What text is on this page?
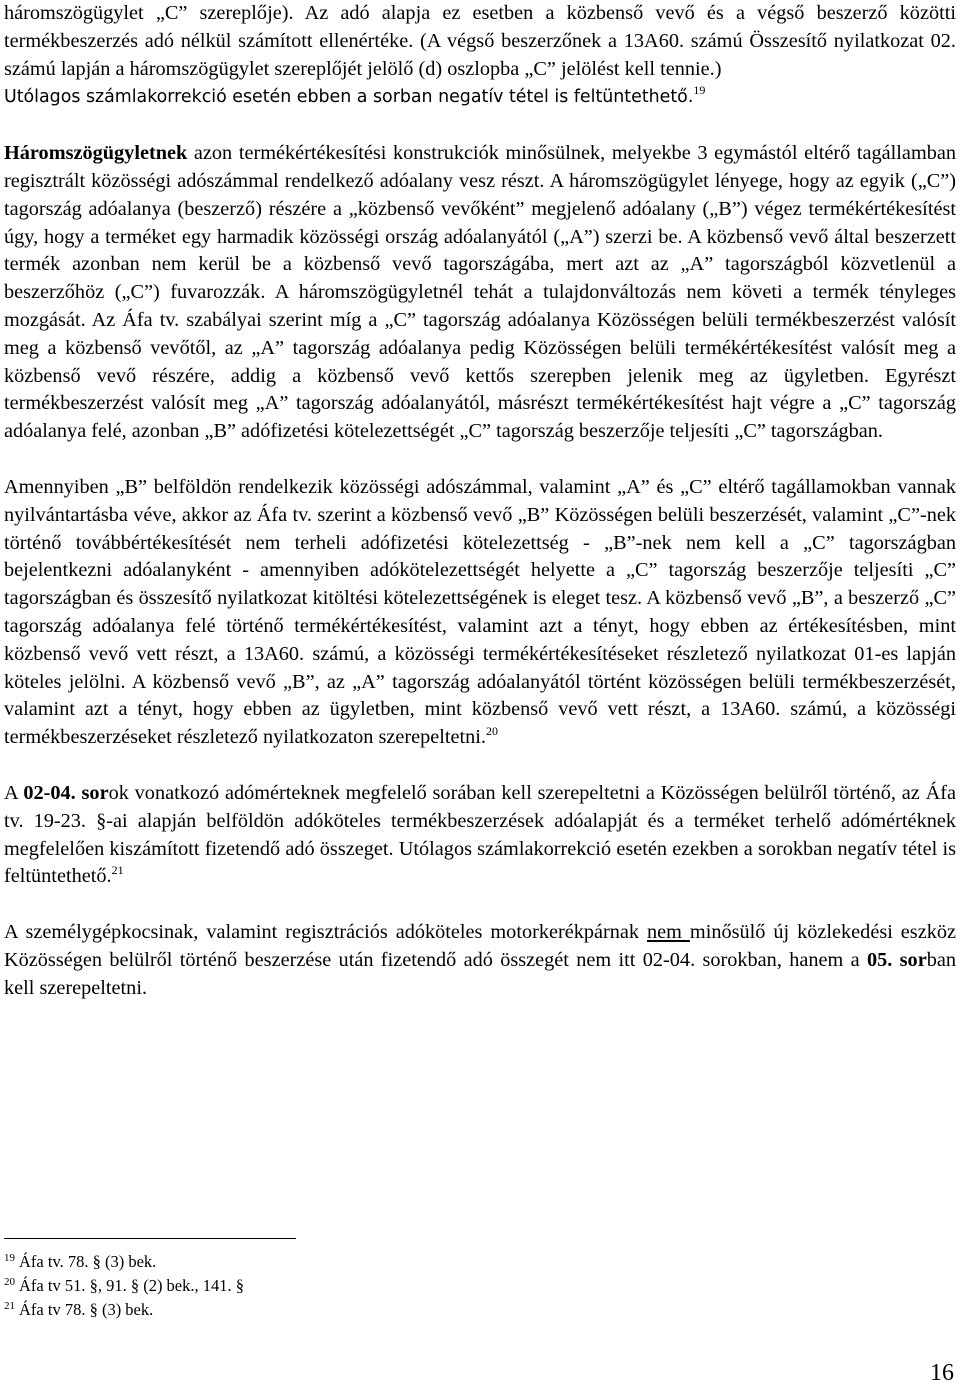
háromszögügylet „C” szereplője). Az adó alapja ez esetben a közbenső vevő és a végső beszerző közötti termékbeszerzés adó nélkül számított ellenértéke. (A végső beszerzőnek a 13A60. számú Összesítő nyilatkozat 02. számú lapján a háromszögügylet szereplőjét jelölő (d) oszlopba „C” jelölést kell tennie.)
Utólagos számlakorrekció esetén ebben a sorban negatív tétel is feltüntethető.$^{19}$

Háromszögügyletnek azon termékértékesítési konstrukciók minősülnek, melyekbe 3 egymástól eltérő tagállamban regisztrált közösségi adószámmal rendelkező adóalany vesz részt. A háromszögügylet lényege, hogy az egyik („C”) tagország adóalanya (beszerző) részére a „közbenső vevőként” megjelenő adóalany („B”) végez termékértékesítést úgy, hogy a terméket egy harmadik közösségi ország adóalanyától („A”) szerzi be. A közbenső vevő által beszerzett termék azonban nem kerül be a közbenső vevő tagországába, mert azt az „A” tagországból közvetlenül a beszerzőhöz („C”) fuvarozzák. A háromszögügyletnél tehát a tulajdonváltozás nem követi a termék tényleges mozgását. Az Áfa tv. szabályai szerint míg a „C” tagország adóalanya Közösségen belüli termékbeszerzést valósít meg a közbenső vevőtől, az „A” tagország adóalanya pedig Közösségen belüli termékértékesítést valósít meg a közbenső vevő részére, addig a közbenső vevő kettős szerepben jelenik meg az ügyletben. Egyrészt termékbeszerzést valósít meg „A” tagország adóalanyától, másrészt termékértékesítést hajt végre a „C” tagország adóalanya felé, azonban „B” adófizetési kötelezettségét „C” tagország beszerzője teljesíti „C” tagországban.

Amennyiben „B” belföldön rendelkezik közösségi adószámmal, valamint „A” és „C” eltérő tagállamokban vannak nyilvántartásba véve, akkor az Áfa tv. szerint a közbenső vevő „B” Közösségen belüli beszerzését, valamint „C”-nek történő továbbértékesítését nem terheli adófizetési kötelezettség - „B”-nek nem kell a „C” tagországban bejelentkezni adóalanyként - amennyiben adókötelezettségét helyette a „C” tagország beszerzője teljesíti „C” tagországban és összesítő nyilatkozat kitöltési kötelezettségének is eleget tesz. A közbenső vevő „B”, a beszerző „C” tagország adóalanya felé történő termékértékesítést, valamint azt a tényt, hogy ebben az értékesítésben, mint közbenső vevő vett részt, a 13A60. számú, a közösségi termékértékesítéseket részletező nyilatkozat 01-es lapján köteles jelölni. A közbenső vevő „B”, az „A” tagország adóalanyától történt közösségen belüli termékbeszerzését, valamint azt a tényt, hogy ebben az ügyletben, mint közbenső vevő vett részt, a 13A60. számú, a közösségi termékbeszerzéseket részletező nyilatkozaton szerepeltetni.$^{20}$

A 02-04. sorok vonatkozó adómérteknek megfelelő sorában kell szerepeltetni a Közösségen belülről történő, az Áfa tv. 19-23. §-ai alapján belföldön adóköteles termékbeszerzések adóalapját és a terméket terhelő adómértéknek megfelelően kiszámított fizetendő adó összeget. Utólagos számlakorrekció esetén ezekben a sorokban negatív tétel is feltüntethető.$^{21}$

A személygépkocsinak, valamint regisztrációs adóköteles motorkerékpárnak nem minősülő új közlekedési eszköz Közösségen belülről történő beszerzése után fizetendő adó összegét nem itt 02-04. sorokban, hanem a 05. sorban kell szerepeltetni.

$^{19}$ Áfa tv. 78. § (3) bek.
$^{20}$ Áfa tv 51. §, 91. § (2) bek., 141. §
$^{21}$ Áfa tv 78. § (3) bek.
16
